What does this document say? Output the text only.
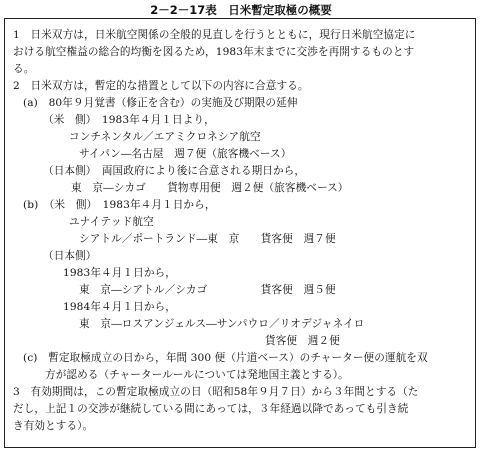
2－2－17表　日米暫定取極の概要
1　日米双方は，日米航空関係の全般的見直しを行うとともに，現行日米航空協定に
おける航空権益の総合的均衡を図るため，1983年末までに交渉を再開するものとす
る。
2　日米双方は，暫定的な措置として以下の内容に合意する。
(a)　80年９月覚書（修正を含む）の実施及び期限の延伸
（米　側）　1983年４月１日より，
コンチネンタル／エアミクロネシア航空
サイパン―名古屋　週７便（旅客機ベース）
（日本側）　両国政府により後に合意される期日から，
東　京―シカゴ　　貨物専用便　週２便（旅客機ベース）
(b)　（米　側）　1983年４月１日から，
ユナイテッド航空
シアトル／ポートランド―東　京　　貨客便　週７便
（日本側）
1983年４月１日から，
東　京―シアトル／シカゴ　　　　　貨客便　週５便
1984年４月１日から，
東　京―ロスアンジェルス―サンパウロ／リオデジャネイロ
貨客便　週２便
(c)　暫定取極成立の日から，年間 300 便（片道ベース）のチャーター便の運航を双
方が認める（チャータールールについては発地国主義とする）。
3　有効期間は，この暫定取極成立の日（昭和58年９月７日）から３年間とする（た
だし，上記１の交渉が継続している間にあっては，３年経過以降であっても引き続
き有効とする）。
